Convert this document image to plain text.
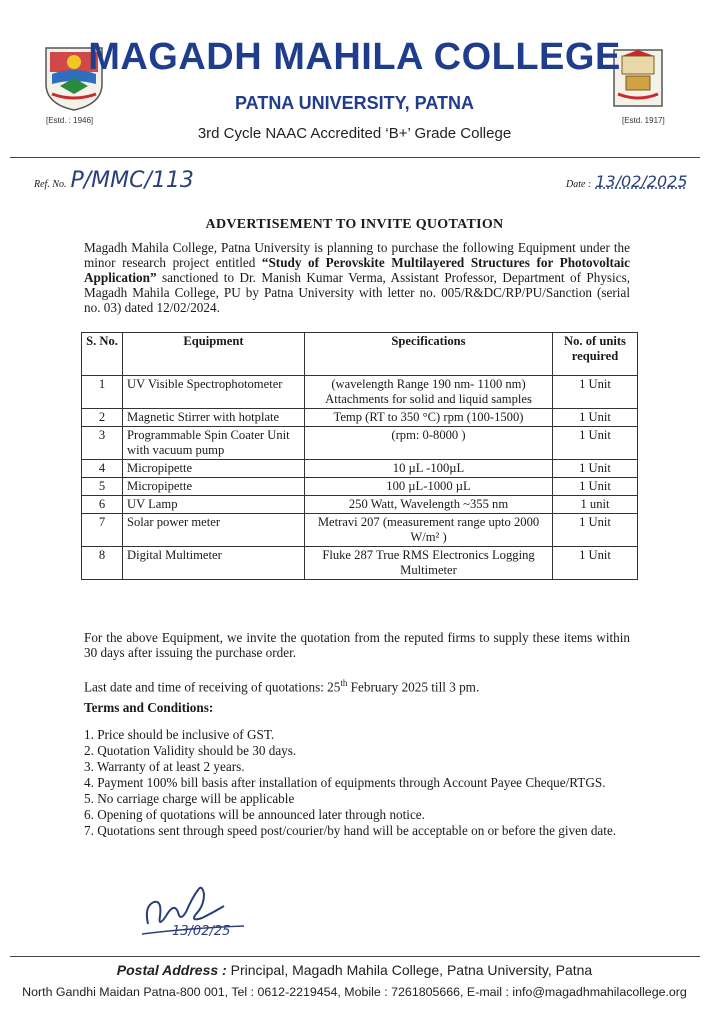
[Estd. : 1946]	[Estd. 1917]
MAGADH MAHILA COLLEGE
PATNA UNIVERSITY, PATNA
3rd Cycle NAAC Accredited ‘B+’ Grade College
Ref. No. P/MMC/113	Date : 13/02/2025
ADVERTISEMENT TO INVITE QUOTATION
Magadh Mahila College, Patna University is planning to purchase the following Equipment under the minor research project entitled “Study of Perovskite Multilayered Structures for Photovoltaic Application” sanctioned to Dr. Manish Kumar Verma, Assistant Professor, Department of Physics, Magadh Mahila College, PU by Patna University with letter no. 005/R&DC/RP/PU/Sanction (serial no. 03) dated 12/02/2024.
S. No.	Equipment	Specifications	No. of units required
1	UV Visible Spectrophotometer	(wavelength Range 190 nm- 1100 nm) Attachments for solid and liquid samples	1 Unit
2	Magnetic Stirrer with hotplate	Temp (RT to 350 °C) rpm (100-1500)	1 Unit
3	Programmable Spin Coater Unit with vacuum pump	(rpm: 0-8000 )	1 Unit
4	Micropipette	10 µL -100µL	1 Unit
5	Micropipette	100 µL-1000 µL	1 Unit
6	UV Lamp	250 Watt, Wavelength ~355 nm	1 unit
7	Solar power meter	Metravi 207 (measurement range upto 2000 W/m² )	1 Unit
8	Digital Multimeter	Fluke 287 True RMS Electronics Logging Multimeter	1 Unit
For the above Equipment, we invite the quotation from the reputed firms to supply these items within 30 days after issuing the purchase order.
Last date and time of receiving of quotations: 25th February 2025 till 3 pm.
Terms and Conditions:
1. Price should be inclusive of GST.
2. Quotation Validity should be 30 days.
3. Warranty of at least 2 years.
4. Payment 100% bill basis after installation of equipments through Account Payee Cheque/RTGS.
5. No carriage charge will be applicable
6. Opening of quotations will be announced later through notice.
7. Quotations sent through speed post/courier/by hand will be acceptable on or before the given date.
13/02/25
Postal Address : Principal, Magadh Mahila College, Patna University, Patna
North Gandhi Maidan Patna-800 001, Tel : 0612-2219454, Mobile : 7261805666, E-mail : info@magadhmahilacollege.org
